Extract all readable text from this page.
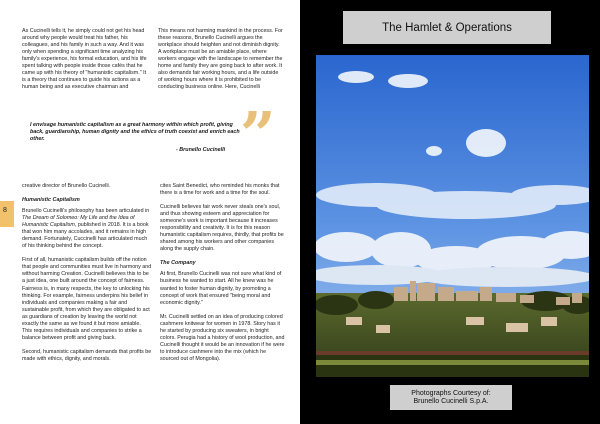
As Cucinelli tells it, he simply could not get his head around why people would treat his father, his colleagues, and his family in such a way. And it was only when spending a significant time analyzing his family's experience, his formal education, and his life spent talking with people inside those cafés that he came up with his theory of "humanistic capitalism." It is a theory that continues to guide his actions as a human being and as executive chairman and

This means not harming mankind in the process. For these reasons, Brunello Cucinelli argues the workplace should heighten and not diminish dignity. A workplace must be an amiable place, where workers engage with the landscape to remember the home and family they are going back to after work. It also demands fair working hours, and a life outside of working hours where it is prohibited to be conducting business online. Here, Cucinelli

”
I envisage humanistic capitalism as a great harmony within which profit, giving back, guardianship, human dignity and the ethics of truth coexist and enrich each other.
- Brunello Cucinelli
8

creative director of Brunello Cucinelli.

Humanistic Capitalism

Brunello Cucinelli's philosophy has been articulated in The Dream of Solomeo: My Life and the Idea of Humanistic Capitalism, published in 2018. It is a book that won him many accolades, and it remains in high demand. Fortunately, Cuccinelli has articulated much of his thinking behind the concept.

First of all, humanistic capitalism builds off the notion that people and communities must live in harmony and without harming Creation. Cucinelli believes this to be a just idea, one built around the concept of fairness. Fairness is, in many respects, the key to unlocking his thinking. For example, fairness underpins his belief in individuals and companies making a fair and sustainable profit, from which they are obligated to act as guardians of creation by leaving the world not exactly the same as we found it but more amiable. This requires individuals and companies to strike a balance between profit and giving back.

Second, humanistic capitalism demands that profits be made with ethics, dignity, and morals.

cites Saint Benedict, who reminded his monks that there is a time for work and a time for the soul.

Cucinelli believes fair work never steals one's soul, and thus showing esteem and appreciation for someone's work is important because it increases responsibility and creativity. It is for this reason humanistic capitalism requires, thirdly, that profits be shared among his workers and other companies along the supply chain.

The Company

At first, Brunello Cucinelli was not sure what kind of business he wanted to start. All he knew was he wanted to foster human dignity, by promoting a concept of work that ensured "being moral and economic dignity."

Mr. Cucinelli settled on an idea of producing colored cashmere knitwear for women in 1978. Story has it he started by producing six sweaters, in bright colors. Perugia had a history of wool production, and Cucinelli thought it would be an innovation if he were to introduce cashmere into the mix (which he sourced out of Mongolia).

The Hamlet & Operations
Photographs Courtesy of:
Brunello Cucinelli S.p.A.
